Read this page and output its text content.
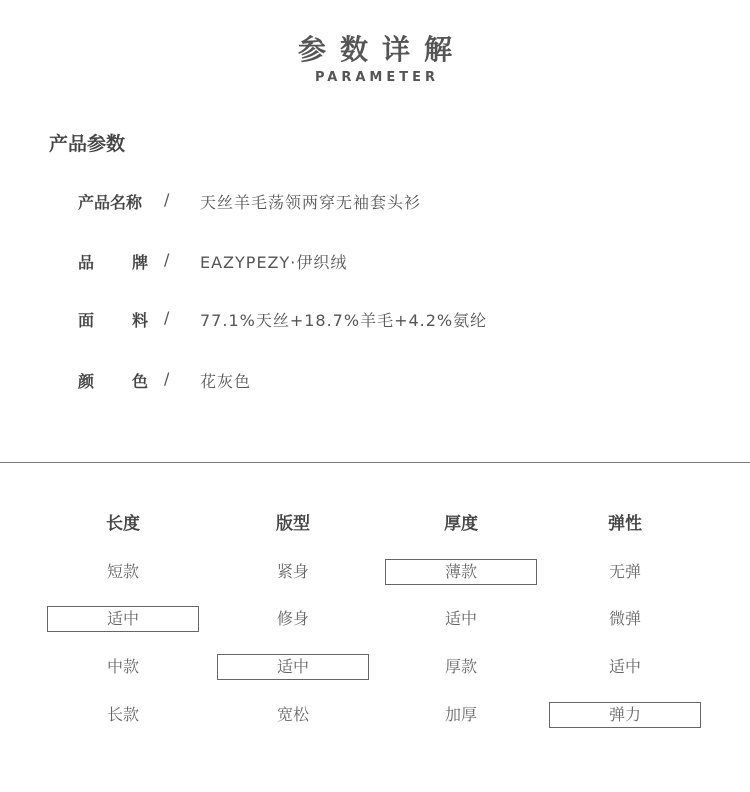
参数详解
PARAMETER
产品参数
产品名称	/ 天丝羊毛荡领两穿无袖套头衫
品 牌 / EAZYPEZY·伊织绒
面 料 / 77.1%天丝+18.7%羊毛+4.2%氨纶
颜 色 / 花灰色
长度
短款
适中
中款
长款
版型
紧身
修身
适中
宽松
厚度
薄款
适中
厚款
加厚
弹性
无弹
微弹
适中
弹力
